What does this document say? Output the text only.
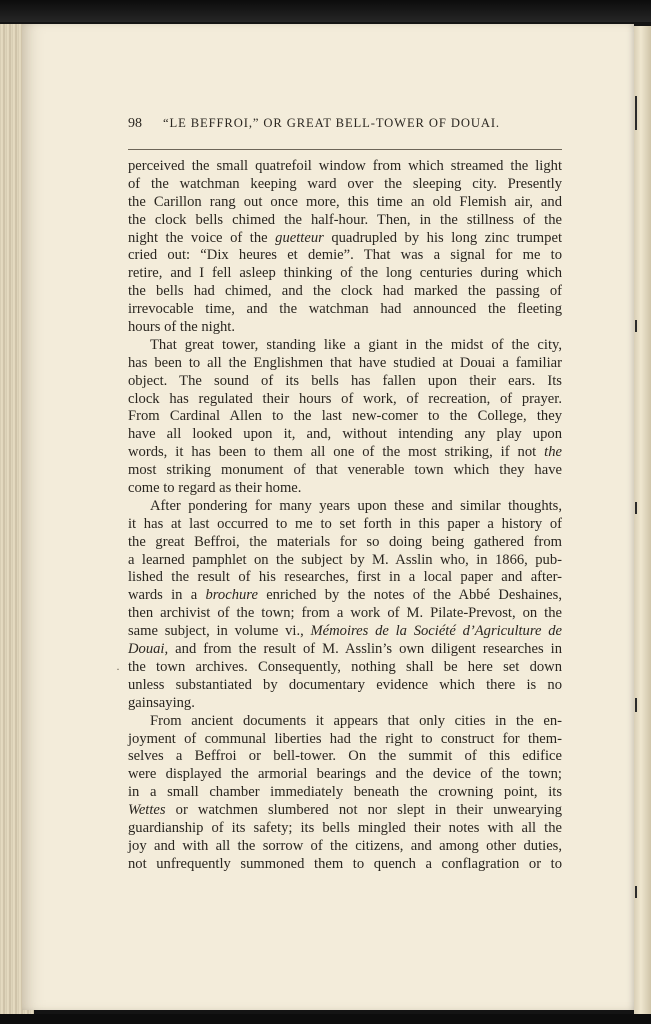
98 “LE BEFFROI,” OR GREAT BELL-TOWER OF DOUAI.
·
perceived the small quatrefoil window from which streamed the light
of the watchman keeping ward over the sleeping city. Presently
the Carillon rang out once more, this time an old Flemish air, and
the clock bells chimed the half-hour. Then, in the stillness of the
night the voice of the guetteur quadrupled by his long zinc trumpet
cried out: “Dix heures et demie”. That was a signal for me to
retire, and I fell asleep thinking of the long centuries during which
the bells had chimed, and the clock had marked the passing of
irrevocable time, and the watchman had announced the fleeting
hours of the night.
That great tower, standing like a giant in the midst of the city,
has been to all the Englishmen that have studied at Douai a familiar
object. The sound of its bells has fallen upon their ears. Its
clock has regulated their hours of work, of recreation, of prayer.
From Cardinal Allen to the last new-comer to the College, they
have all looked upon it, and, without intending any play upon
words, it has been to them all one of the most striking, if not the
most striking monument of that venerable town which they have
come to regard as their home.
After pondering for many years upon these and similar thoughts,
it has at last occurred to me to set forth in this paper a history of
the great Beffroi, the materials for so doing being gathered from
a learned pamphlet on the subject by M. Asslin who, in 1866, pub-
lished the result of his researches, first in a local paper and after-
wards in a brochure enriched by the notes of the Abbé Deshaines,
then archivist of the town; from a work of M. Pilate-Prevost, on the
same subject, in volume vi., Mémoires de la Société d’Agriculture de
Douai, and from the result of M. Asslin’s own diligent researches in
the town archives. Consequently, nothing shall be here set down
unless substantiated by documentary evidence which there is no
gainsaying.
From ancient documents it appears that only cities in the en-
joyment of communal liberties had the right to construct for them-
selves a Beffroi or bell-tower. On the summit of this edifice
were displayed the armorial bearings and the device of the town;
in a small chamber immediately beneath the crowning point, its
Wettes or watchmen slumbered not nor slept in their unwearying
guardianship of its safety; its bells mingled their notes with all the
joy and with all the sorrow of the citizens, and among other duties,
not unfrequently summoned them to quench a conflagration or to
